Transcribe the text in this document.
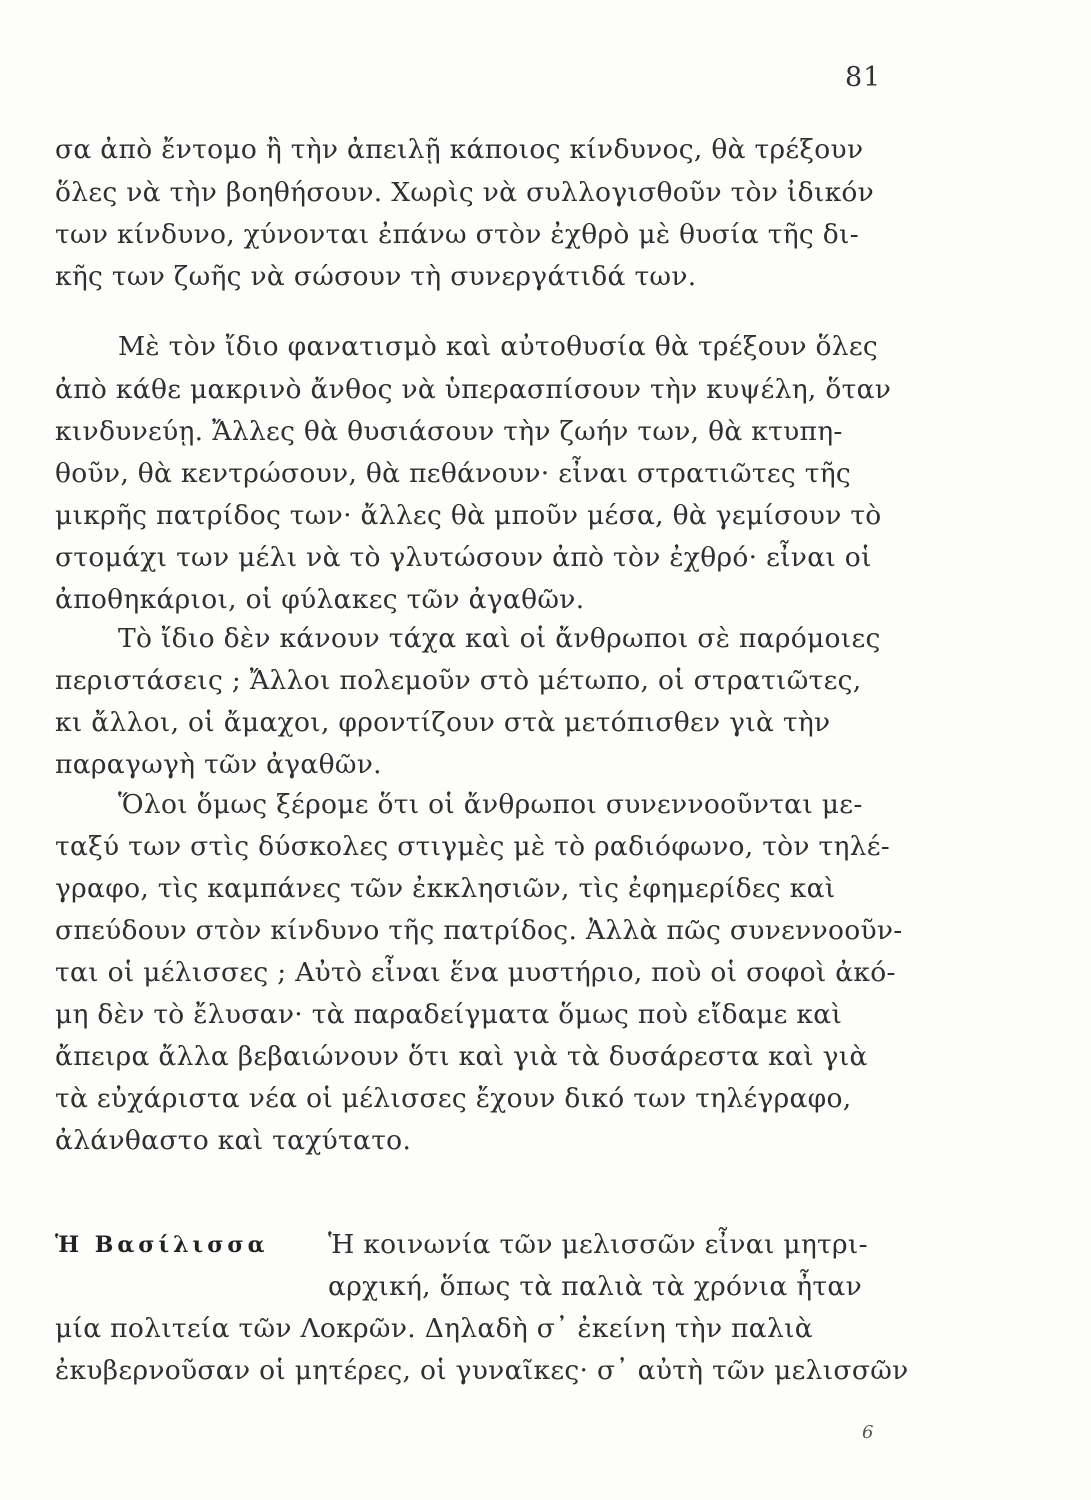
81
σα ἀπὸ ἔντομο ἢ τὴν ἀπειλῇ κάποιος κίνδυνος, θὰ τρέξουν
ὅλες νὰ τὴν βοηθήσουν. Χωρὶς νὰ συλλογισθοῦν τὸν ἰδικόν
των κίνδυνο, χύνονται ἐπάνω στὸν ἐχθρὸ μὲ θυσία τῆς δι-
κῆς των ζωῆς νὰ σώσουν τὴ συνεργάτιδά των.
Μὲ τὸν ἴδιο φανατισμὸ καὶ αὐτοθυσία θὰ τρέξουν ὅλες
ἀπὸ κάθε μακρινὸ ἄνθος νὰ ὑπερασπίσουν τὴν κυψέλη, ὅταν
κινδυνεύῃ. Ἄλλες θὰ θυσιάσουν τὴν ζωήν των, θὰ κτυπη-
θοῦν, θὰ κεντρώσουν, θὰ πεθάνουν· εἶναι στρατιῶτες τῆς
μικρῆς πατρίδος των· ἄλλες θὰ μποῦν μέσα, θὰ γεμίσουν τὸ
στομάχι των μέλι νὰ τὸ γλυτώσουν ἀπὸ τὸν ἐχθρό· εἶναι οἱ
ἀποθηκάριοι, οἱ φύλακες τῶν ἀγαθῶν.
Τὸ ἴδιο δὲν κάνουν τάχα καὶ οἱ ἄνθρωποι σὲ παρόμοιες
περιστάσεις ; Ἄλλοι πολεμοῦν στὸ μέτωπο, οἱ στρατιῶτες,
κι ἄλλοι, οἱ ἄμαχοι, φροντίζουν στὰ μετόπισθεν γιὰ τὴν
παραγωγὴ τῶν ἀγαθῶν.
Ὅλοι ὅμως ξέρομε ὅτι οἱ ἄνθρωποι συνεννοοῦνται με-
ταξύ των στὶς δύσκολες στιγμὲς μὲ τὸ ραδιόφωνο, τὸν τηλέ-
γραφο, τὶς καμπάνες τῶν ἐκκλησιῶν, τὶς ἐφημερίδες καὶ
σπεύδουν στὸν κίνδυνο τῆς πατρίδος. Ἀλλὰ πῶς συνεννοοῦν-
ται οἱ μέλισσες ; Αὐτὸ εἶναι ἕνα μυστήριο, ποὺ οἱ σοφοὶ ἀκό-
μη δὲν τὸ ἔλυσαν· τὰ παραδείγματα ὅμως ποὺ εἴδαμε καὶ
ἄπειρα ἄλλα βεβαιώνουν ὅτι καὶ γιὰ τὰ δυσάρεστα καὶ γιὰ
τὰ εὐχάριστα νέα οἱ μέλισσες ἔχουν δικό των τηλέγραφο,
ἀλάνθαστο καὶ ταχύτατο.
Ἡ Βασίλισσα Ἡ κοινωνία τῶν μελισσῶν εἶναι μητρι-
αρχική, ὅπως τὰ παλιὰ τὰ χρόνια ἦταν
μία πολιτεία τῶν Λοκρῶν. Δηλαδὴ σ᾽ ἐκείνη τὴν παλιὰ
ἐκυβερνοῦσαν οἱ μητέρες, οἱ γυναῖκες· σ᾽ αὐτὴ τῶν μελισσῶν
6
